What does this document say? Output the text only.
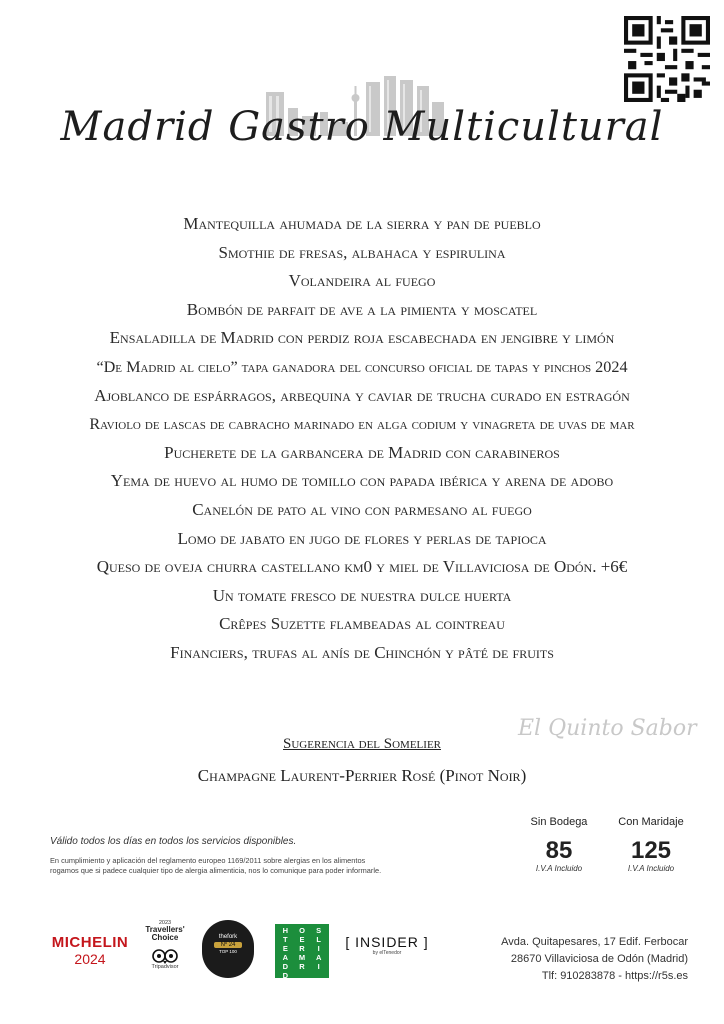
Madrid Gastro Multicultural
Mantequilla ahumada de la sierra y pan de pueblo
Smothie de fresas, albahaca y espirulina
Volandeira al fuego
Bombón de parfait de ave a la pimienta y moscatel
Ensaladilla de Madrid con perdiz roja escabechada en jengibre y limón
“De Madrid al cielo” tapa ganadora del concurso oficial de tapas y pinchos 2024
Ajoblanco de espárragos, arbequina y caviar de trucha curado en estragón
Raviolo de lascas de cabracho marinado en alga codium y vinagreta de uvas de mar
Pucherete de la garbancera de Madrid con carabineros
Yema de huevo al humo de tomillo con papada ibérica y arena de adobo
Canelón de pato al vino con parmesano al fuego
Lomo de jabato en jugo de flores y perlas de tapioca
Queso de oveja churra castellano km0 y miel de Villaviciosa de Odón. +6€
Un tomate fresco de nuestra dulce huerta
Crêpes Suzette flambeadas al cointreau
Financiers, trufas al anís de Chinchón y pâté de fruits
El Quinto Sabor
Sugerencia del Somelier
Champagne Laurent-Perrier Rosé (Pinot Noir)
Válido todos los días en todos los servicios disponibles.
En cumplimiento y aplicación del reglamento europeo 1169/2011 sobre alergias en los alimentos
rogamos que si padece cualquier tipo de alergia alimenticia, nos lo comunique para poder informarle.
Sin Bodega
85
I.V.A Incluido
Con Maridaje
125
I.V.A Incluido
MICHELIN
2024
2023
Travellers'
Choice
Tripadvisor
thefork
Nº 24
TOP 100
H	O	S
T	E	L
E	R	I
A	M	A
D	R	I
D
[ INSIDER ]
by elTenedor
Avda. Quitapesares, 17 Edif. Ferbocar
28670 Villaviciosa de Odón (Madrid)
Tlf: 910283878 - https://r5s.es
